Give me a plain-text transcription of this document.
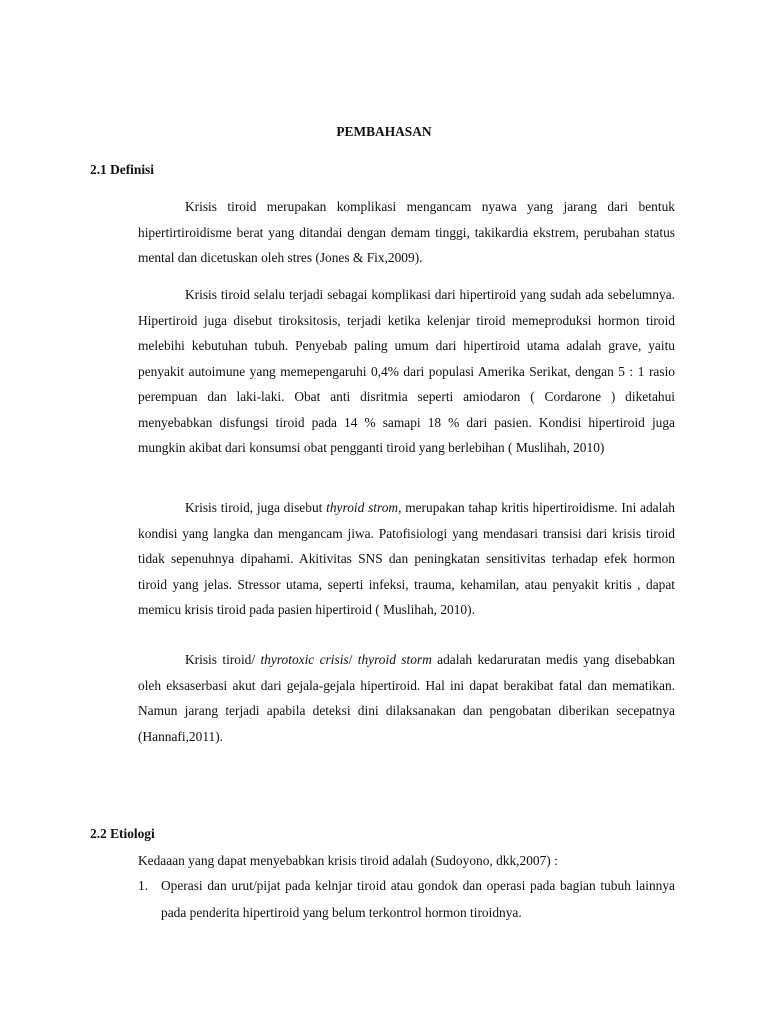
PEMBAHASAN
2.1 Definisi

Krisis tiroid merupakan komplikasi mengancam nyawa yang jarang dari bentuk hipertirtiroidisme berat yang ditandai dengan demam tinggi, takikardia ekstrem, perubahan status mental dan dicetuskan oleh stres (Jones & Fix,2009).

Krisis tiroid selalu terjadi sebagai komplikasi dari hipertiroid yang sudah ada sebelumnya. Hipertiroid juga disebut tiroksitosis, terjadi ketika kelenjar tiroid memeproduksi hormon tiroid melebihi kebutuhan tubuh. Penyebab paling umum dari hipertiroid utama adalah grave, yaitu penyakit autoimune yang memepengaruhi 0,4% dari populasi Amerika Serikat, dengan 5 : 1 rasio perempuan dan laki-laki. Obat anti disritmia seperti amiodaron ( Cordarone ) diketahui menyebabkan disfungsi tiroid pada 14 % samapi 18 % dari pasien. Kondisi hipertiroid juga mungkin akibat dari konsumsi obat pengganti tiroid yang berlebihan ( Muslihah, 2010)

Krisis tiroid, juga disebut thyroid strom, merupakan tahap kritis hipertiroidisme. Ini adalah kondisi yang langka dan mengancam jiwa. Patofisiologi yang mendasari transisi dari krisis tiroid tidak sepenuhnya dipahami. Akitivitas SNS dan peningkatan sensitivitas terhadap efek hormon tiroid yang jelas. Stressor utama, seperti infeksi, trauma, kehamilan, atau penyakit kritis , dapat memicu krisis tiroid pada pasien hipertiroid ( Muslihah, 2010).

Krisis tiroid/ thyrotoxic crisis/ thyroid storm adalah kedaruratan medis yang disebabkan oleh eksaserbasi akut dari gejala-gejala hipertiroid. Hal ini dapat berakibat fatal dan mematikan. Namun jarang terjadi apabila deteksi dini dilaksanakan dan pengobatan diberikan secepatnya (Hannafi,2011).

2.2 Etiologi

Kedaaan yang dapat menyebabkan krisis tiroid adalah (Sudoyono, dkk,2007) :

1. Operasi dan urut/pijat pada kelnjar tiroid atau gondok dan operasi pada bagian tubuh lainnya pada penderita hipertiroid yang belum terkontrol hormon tiroidnya.
